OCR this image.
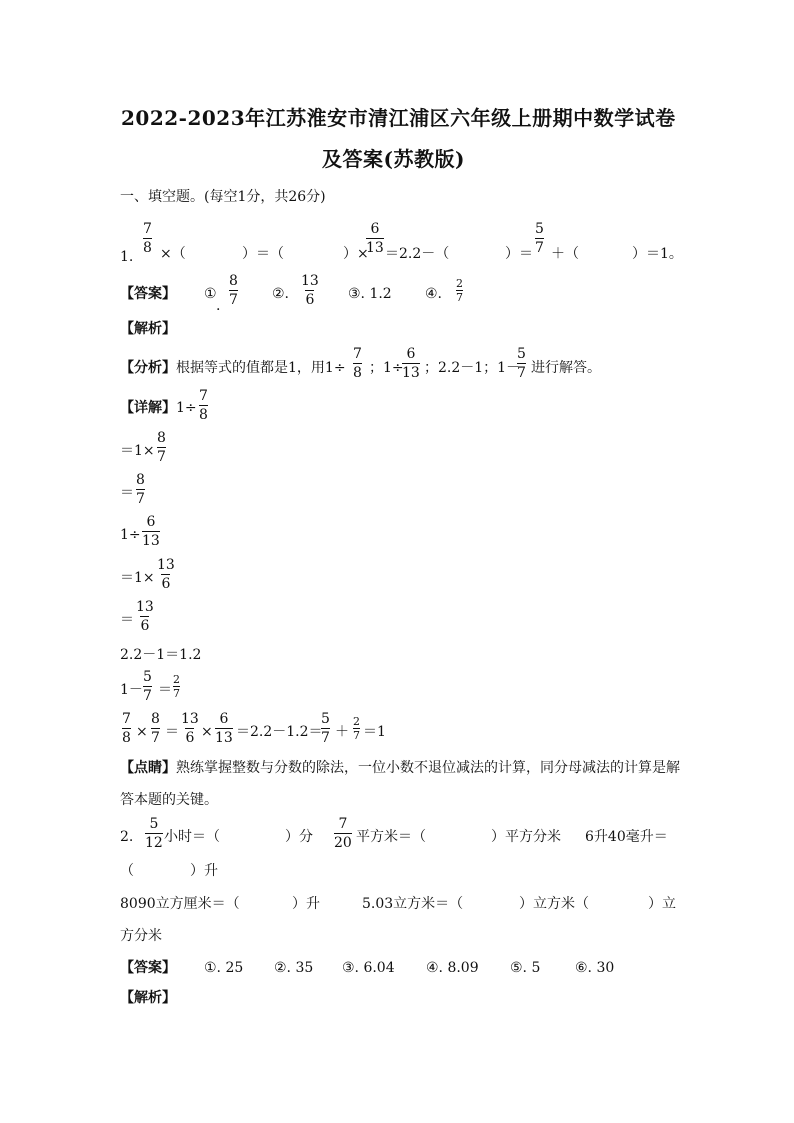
2022-2023年江苏淮安市清江浦区六年级上册期中数学试卷
及答案(苏教版)
一、填空题。(每空1分，共26分)
1.
$\frac{7}{8}$ ×（	）＝（	）×
$\frac{6}{13} =2.2-$（	）＝ $\frac{5}{7}$ ＋（	）＝1。
【答案】 ①
. $\frac{8}{7}$ ②. $\frac{13}{6}$ ③. 1.2 ④. $\frac{2}{7}$
【解析】
【分析】 根据等式的值都是1，用$1\div \frac{7}{8}$ ；1÷
$\frac{6}{13}$ ；2.2－1；1－
$\frac{5}{7}$ 进行解答。
【详解】 $1\div \frac{7}{8}$
$=1\times \frac{8}{7}$
＝ $\frac{8}{7}$
$1\div \frac{6}{13}$
$=1\times \frac{13}{6}$
＝ $\frac{13}{6}$
2.2－1＝1.2
$1- \frac{5}{7} = \frac{2}{7}$
$\frac{7}{8} \times \frac{8}{7} = \frac{13}{6} \times \frac{6}{13} =2.2-1.2=$
$\frac{5}{7} + \frac{2}{7} =1$
【点睛】 熟练掌握整数与分数的除法，一位小数不退位减法的计算，同分母减法的计算是解
答本题的关键。
2. $\frac{5}{12}$ 小时＝（	）分 $\frac{7}{20}$ 平方米＝（	）平方分米 6升40毫升＝
（	）升
8090立方厘米＝（	）升	5.03立方米＝（	）立方米（	）立
方分米
【答案】 ①. 25 ②. 35 ③. 6.04 ④. 8.09 ⑤. 5 ⑥. 30
【解析】
